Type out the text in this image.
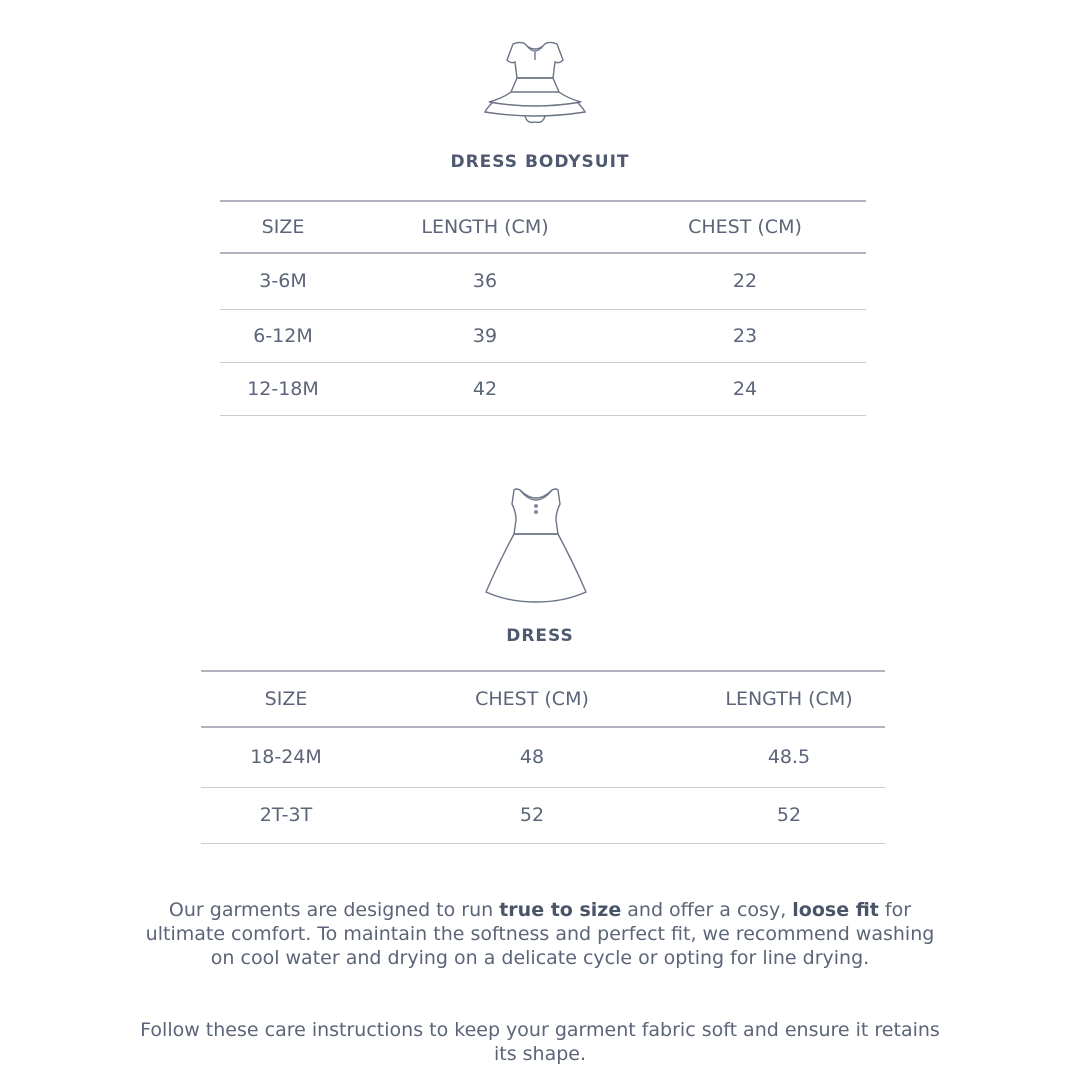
DRESS BODYSUIT
SIZE	LENGTH (CM)	CHEST (CM)
3-6M	36	22
6-12M	39	23
12-18M	42	24
DRESS
SIZE	CHEST (CM)	LENGTH (CM)
18-24M	48	48.5
2T-3T	52	52
Our garments are designed to run true to size and offer a cosy, loose fit for ultimate comfort. To maintain the softness and perfect fit, we recommend washing on cool water and drying on a delicate cycle or opting for line drying.
Follow these care instructions to keep your garment fabric soft and ensure it retains its shape.
